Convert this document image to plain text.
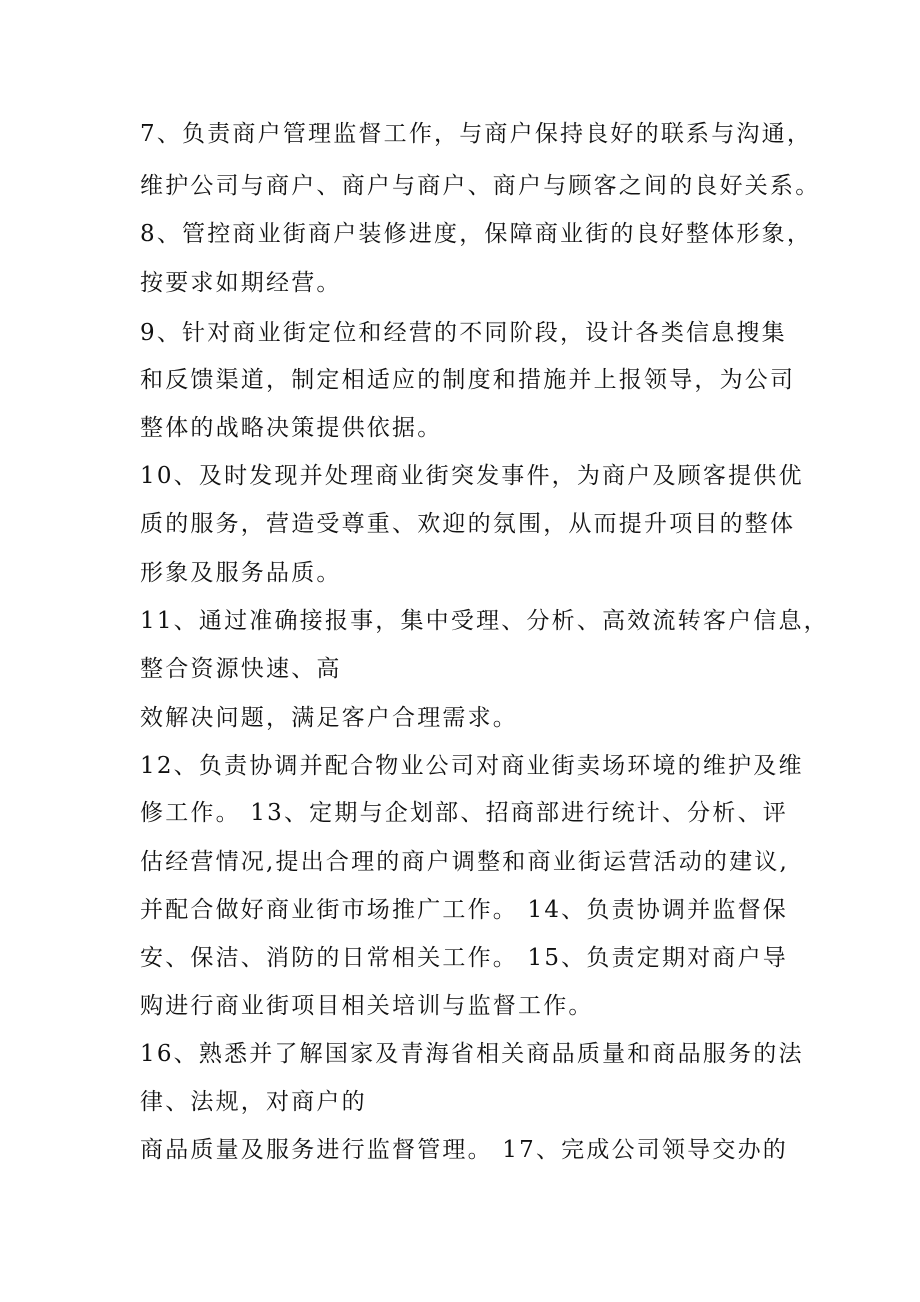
7、负责商户管理监督工作，与商户保持良好的联系与沟通，
维护公司与商户、商户与商户、商户与顾客之间的良好关系。
8、管控商业街商户装修进度，保障商业街的良好整体形象，
按要求如期经营。
9、针对商业街定位和经营的不同阶段，设计各类信息搜集
和反馈渠道，制定相适应的制度和措施并上报领导，为公司
整体的战略决策提供依据。
10、及时发现并处理商业街突发事件，为商户及顾客提供优
质的服务，营造受尊重、欢迎的氛围，从而提升项目的整体
形象及服务品质。
11、通过准确接报事，集中受理、分析、高效流转客户信息，
整合资源快速、高
效解决问题，满足客户合理需求。
12、负责协调并配合物业公司对商业街卖场环境的维护及维
修工作。 13、定期与企划部、招商部进行统计、分析、评
估经营情况,提出合理的商户调整和商业街运营活动的建议,
并配合做好商业街市场推广工作。 14、负责协调并监督保
安、保洁、消防的日常相关工作。 15、负责定期对商户导
购进行商业街项目相关培训与监督工作。
16、熟悉并了解国家及青海省相关商品质量和商品服务的法
律、法规，对商户的
商品质量及服务进行监督管理。 17、完成公司领导交办的
